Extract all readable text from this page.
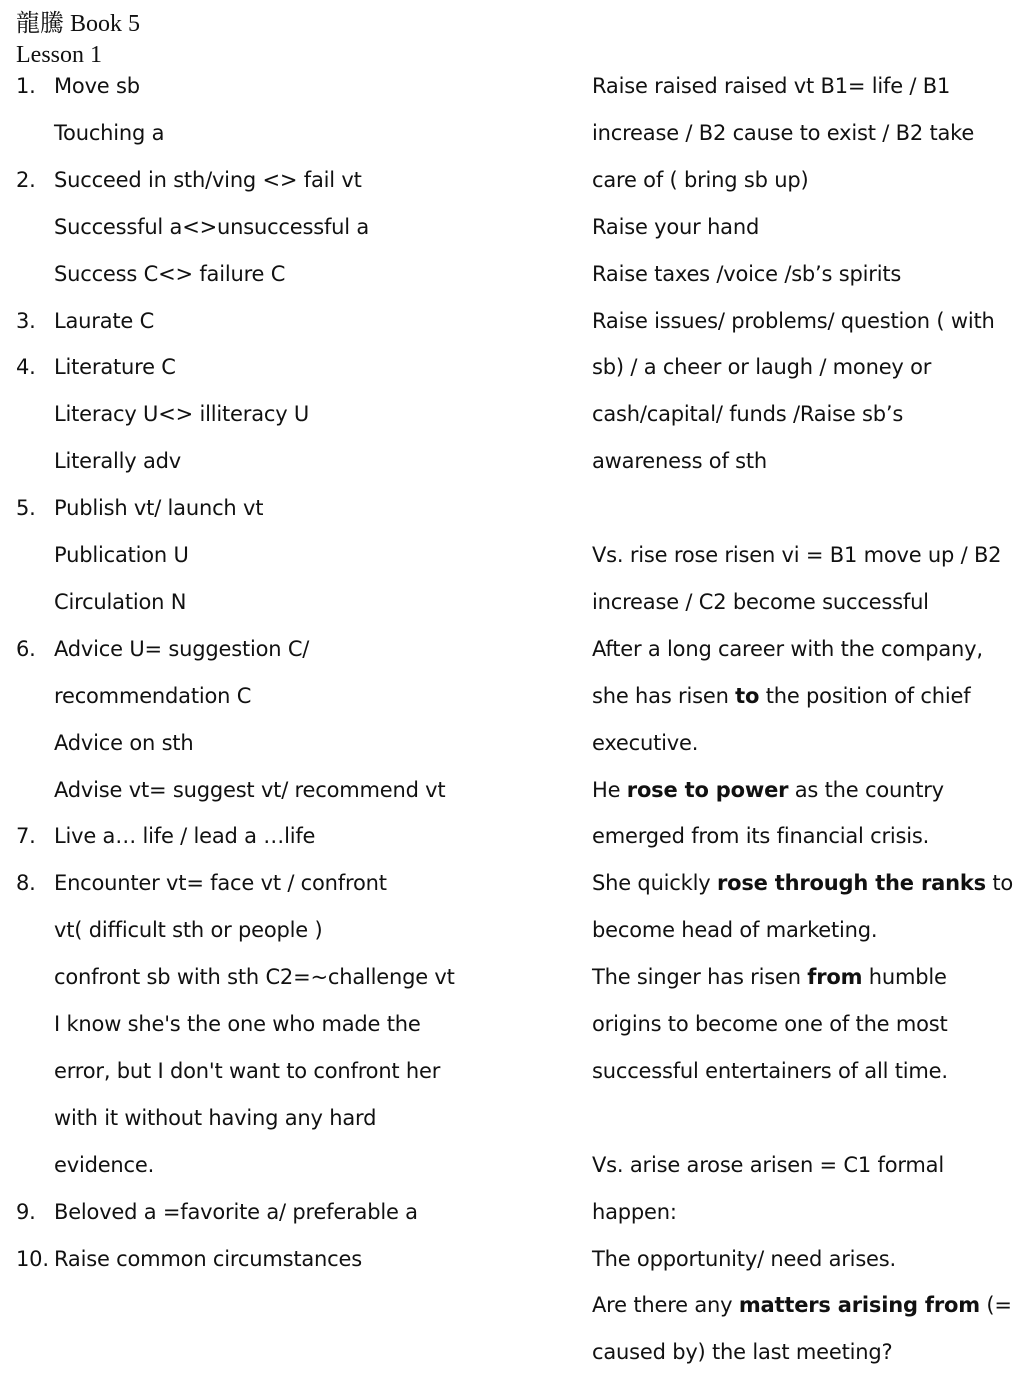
龍騰 Book 5
Lesson 1
1. Move sb
Touching a
2. Succeed in sth/ving <> fail vt
Successful a<>unsuccessful a
Success C<> failure C
3. Laurate C
4. Literature C
Literacy U<> illiteracy U
Literally adv
5. Publish vt/ launch vt
Publication U
Circulation N
6. Advice U= suggestion C/
recommendation C
Advice on sth
Advise vt= suggest vt/ recommend vt
7. Live a… life / lead a …life
8. Encounter vt= face vt / confront
vt( difficult sth or people )
confront sb with sth C2=~challenge vt
I know she's the one who made the
error, but I don't want to confront her
with it without having any hard
evidence.
9. Beloved a =favorite a/ preferable a
10. Raise common circumstances
Raise raised raised vt B1= life / B1
increase / B2 cause to exist / B2 take
care of ( bring sb up)
Raise your hand
Raise taxes /voice /sb’s spirits
Raise issues/ problems/ question ( with
sb) / a cheer or laugh / money or
cash/capital/ funds /Raise sb’s
awareness of sth
Vs. rise rose risen vi = B1 move up / B2
increase / C2 become successful
After a long career with the company,
she has risen to the position of chief
executive.
He rose to power as the country
emerged from its financial crisis.
She quickly rose through the ranks to
become head of marketing.
The singer has risen from humble
origins to become one of the most
successful entertainers of all time.
Vs. arise arose arisen = C1 formal
happen:
The opportunity/ need arises.
Are there any matters arising from (=
caused by) the last meeting?
